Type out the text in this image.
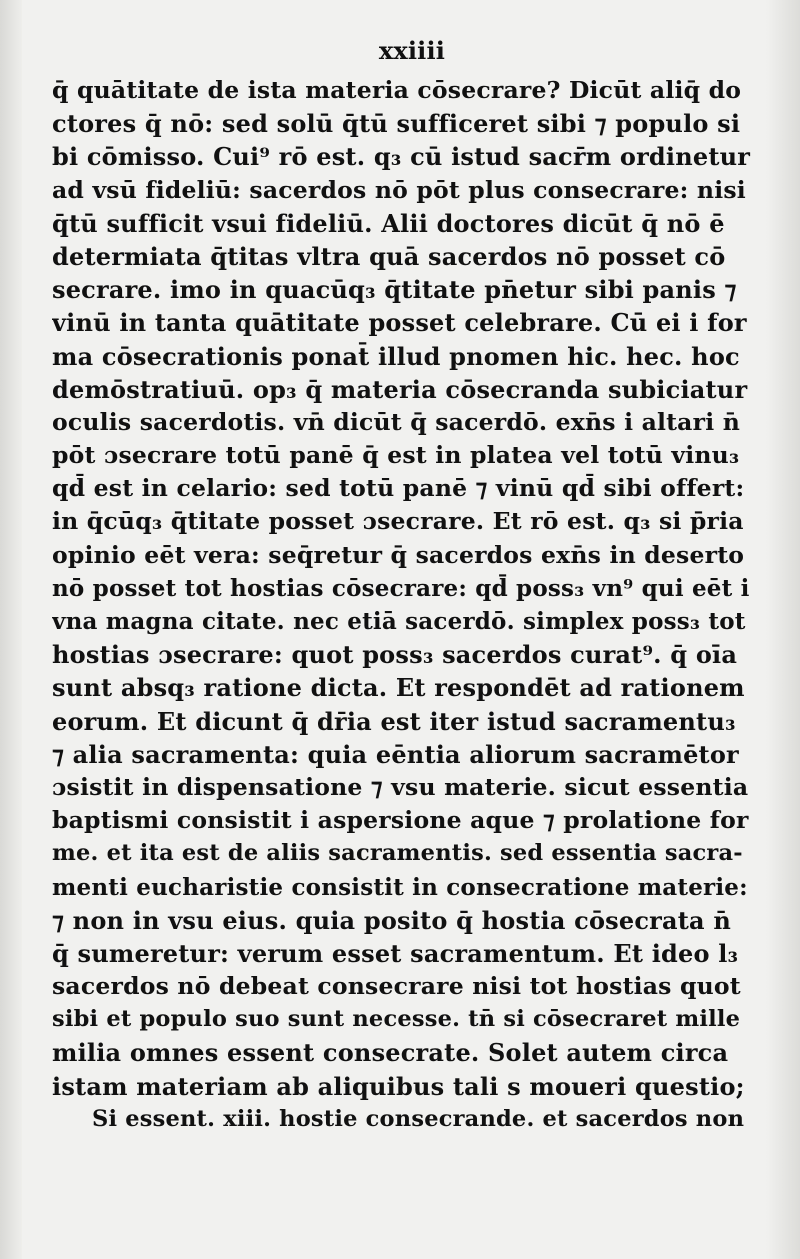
xxiiii
q̄ quātitate de ista materia cōsecrare? Dicūt aliq̄ do
ctores q̄ nō: sed solū q̄tū sufficeret sibi ⁊ populo si
bi cōmisso. Cui⁹ rō est. q₃ cū istud sacr̄m ordinetur
ad vsū fideliū: sacerdos nō pōt plus consecrare: nisi
q̄tū sufficit vsui fideliū. Alii doctores dicūt q̄ nō ē
determiata q̄titas vltra quā sacerdos nō posset cō
secrare. imo in quacūq₃ q̄titate pn̄etur sibi panis ⁊
vinū in tanta quātitate posset celebrare. Cū ei i for
ma cōsecrationis ponat̄ illud pnomen hic. hec. hoc
demōstratiuū. op₃ q̄ materia cōsecranda subiciatur
oculis sacerdotis. vn̄ dicūt q̄ sacerdō. exn̄s i altari n̄
pōt ɔsecrare totū panē q̄ est in platea vel totū vinu₃
qd̄ est in celario: sed totū panē ⁊ vinū qd̄ sibi offert:
in q̄cūq₃ q̄titate posset ɔsecrare. Et rō est. q₃ si p̄ria
opinio eēt vera: seq̄retur q̄ sacerdos exn̄s in deserto
nō posset tot hostias cōsecrare: qd̄ poss₃ vn⁹ qui eēt i
vna magna citate. nec etiā sacerdō. simplex poss₃ tot
hostias ɔsecrare: quot poss₃ sacerdos curat⁹. q̄ oīa
sunt absq₃ ratione dicta. Et respondēt ad rationem
eorum. Et dicunt q̄ dr̄ia est iter istud sacramentu₃
⁊ alia sacramenta: quia eēntia aliorum sacramētor
ɔsistit in dispensatione ⁊ vsu materie. sicut essentia
baptismi consistit i aspersione aque ⁊ prolatione for
me. et ita est de aliis sacramentis. sed essentia sacra-
menti eucharistie consistit in consecratione materie:
⁊ non in vsu eius. quia posito q̄ hostia cōsecrata n̄
q̄ sumeretur: verum esset sacramentum. Et ideo l₃
sacerdos nō debeat consecrare nisi tot hostias quot
sibi et populo suo sunt necesse. tn̄ si cōsecraret mille
milia omnes essent consecrate. Solet autem circa
istam materiam ab aliquibus tali s moueri questio;
Si essent. xiii. hostie consecrande. et sacerdos non
